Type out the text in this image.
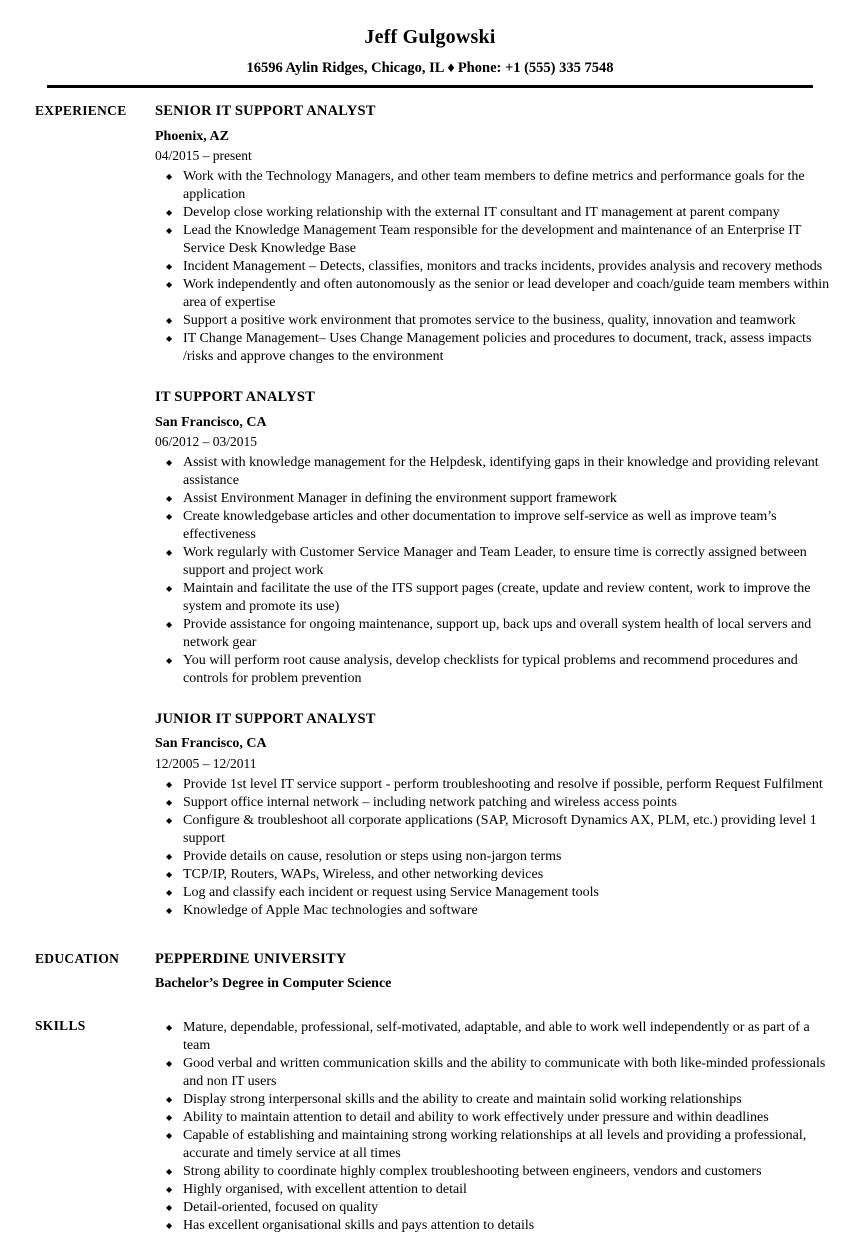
Jeff Gulgowski
16596 Aylin Ridges, Chicago, IL ♦ Phone: +1 (555) 335 7548
EXPERIENCE	SENIOR IT SUPPORT ANALYST
Phoenix, AZ
04/2015 – present
◆ Work with the Technology Managers, and other team members to define metrics and performance goals for the application
◆ Develop close working relationship with the external IT consultant and IT management at parent company
◆ Lead the Knowledge Management Team responsible for the development and maintenance of an Enterprise IT Service Desk Knowledge Base
◆ Incident Management – Detects, classifies, monitors and tracks incidents, provides analysis and recovery methods
◆ Work independently and often autonomously as the senior or lead developer and coach/guide team members within area of expertise
◆ Support a positive work environment that promotes service to the business, quality, innovation and teamwork
◆ IT Change Management– Uses Change Management policies and procedures to document, track, assess impacts /risks and approve changes to the environment
IT SUPPORT ANALYST
San Francisco, CA
06/2012 – 03/2015
◆ Assist with knowledge management for the Helpdesk, identifying gaps in their knowledge and providing relevant assistance
◆ Assist Environment Manager in defining the environment support framework
◆ Create knowledgebase articles and other documentation to improve self-service as well as improve team’s effectiveness
◆ Work regularly with Customer Service Manager and Team Leader, to ensure time is correctly assigned between support and project work
◆ Maintain and facilitate the use of the ITS support pages (create, update and review content, work to improve the system and promote its use)
◆ Provide assistance for ongoing maintenance, support up, back ups and overall system health of local servers and network gear
◆ You will perform root cause analysis, develop checklists for typical problems and recommend procedures and controls for problem prevention
JUNIOR IT SUPPORT ANALYST
San Francisco, CA
12/2005 – 12/2011
◆ Provide 1st level IT service support - perform troubleshooting and resolve if possible, perform Request Fulfilment
◆ Support office internal network – including network patching and wireless access points
◆ Configure & troubleshoot all corporate applications (SAP, Microsoft Dynamics AX, PLM, etc.) providing level 1 support
◆ Provide details on cause, resolution or steps using non-jargon terms
◆ TCP/IP, Routers, WAPs, Wireless, and other networking devices
◆ Log and classify each incident or request using Service Management tools
◆ Knowledge of Apple Mac technologies and software
EDUCATION	PEPPERDINE UNIVERSITY
Bachelor’s Degree in Computer Science
SKILLS	◆ Mature, dependable, professional, self-motivated, adaptable, and able to work well independently or as part of a team
◆ Good verbal and written communication skills and the ability to communicate with both like-minded professionals and non IT users
◆ Display strong interpersonal skills and the ability to create and maintain solid working relationships
◆ Ability to maintain attention to detail and ability to work effectively under pressure and within deadlines
◆ Capable of establishing and maintaining strong working relationships at all levels and providing a professional, accurate and timely service at all times
◆ Strong ability to coordinate highly complex troubleshooting between engineers, vendors and customers
◆ Highly organised, with excellent attention to detail
◆ Detail-oriented, focused on quality
◆ Has excellent organisational skills and pays attention to details
